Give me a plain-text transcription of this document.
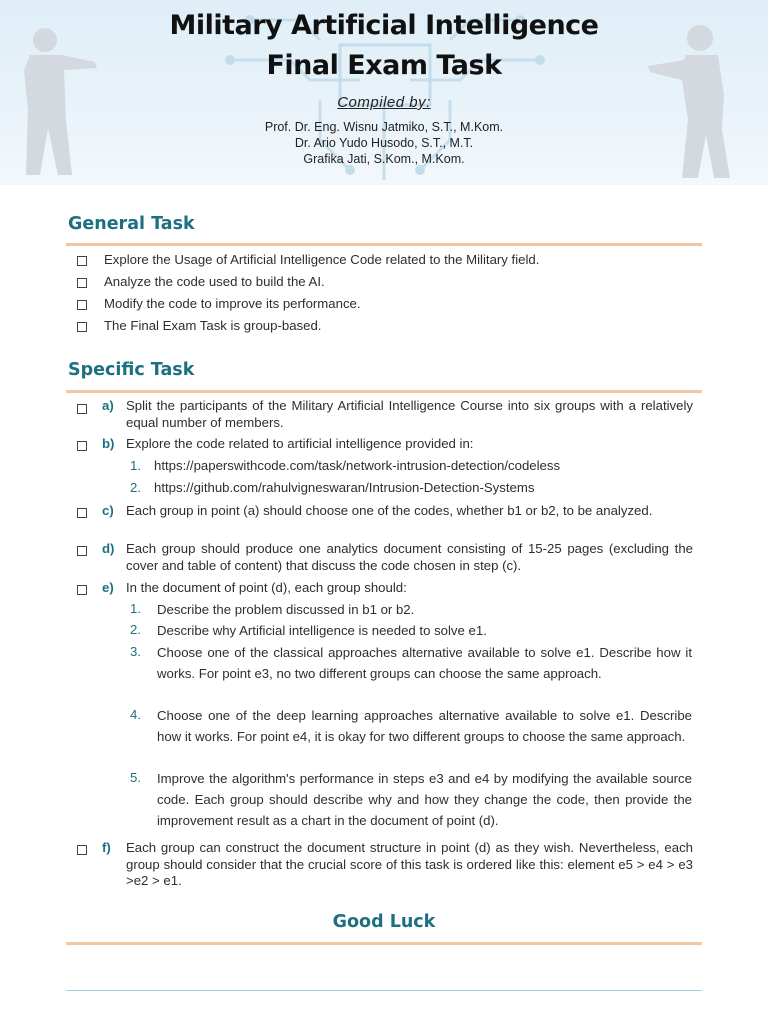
Military Artificial Intelligence
Final Exam Task
Compiled by:
Prof. Dr. Eng. Wisnu Jatmiko, S.T., M.Kom.
Dr. Ario Yudo Husodo, S.T., M.T.
Grafika Jati, S.Kom., M.Kom.
General Task
Explore the Usage of Artificial Intelligence Code related to the Military field.
Analyze the code used to build the AI.
Modify the code to improve its performance.
The Final Exam Task is group-based.
Specific Task
a) Split the participants of the Military Artificial Intelligence Course into six groups with a relatively equal number of members.
b) Explore the code related to artificial intelligence provided in:
1. https://paperswithcode.com/task/network-intrusion-detection/codeless
2. https://github.com/rahulvigneswaran/Intrusion-Detection-Systems
c) Each group in point (a) should choose one of the codes, whether b1 or b2, to be analyzed.
d) Each group should produce one analytics document consisting of 15-25 pages (excluding the cover and table of content) that discuss the code chosen in step (c).
e) In the document of point (d), each group should:
1. Describe the problem discussed in b1 or b2.
2. Describe why Artificial intelligence is needed to solve e1.
3. Choose one of the classical approaches alternative available to solve e1. Describe how it works. For point e3, no two different groups can choose the same approach.
4. Choose one of the deep learning approaches alternative available to solve e1. Describe how it works. For point e4, it is okay for two different groups to choose the same approach.
5. Improve the algorithm's performance in steps e3 and e4 by modifying the available source code. Each group should describe why and how they change the code, then provide the improvement result as a chart in the document of point (d).
f) Each group can construct the document structure in point (d) as they wish. Nevertheless, each group should consider that the crucial score of this task is ordered like this: element e5 > e4 > e3 >e2 > e1.
Good Luck
